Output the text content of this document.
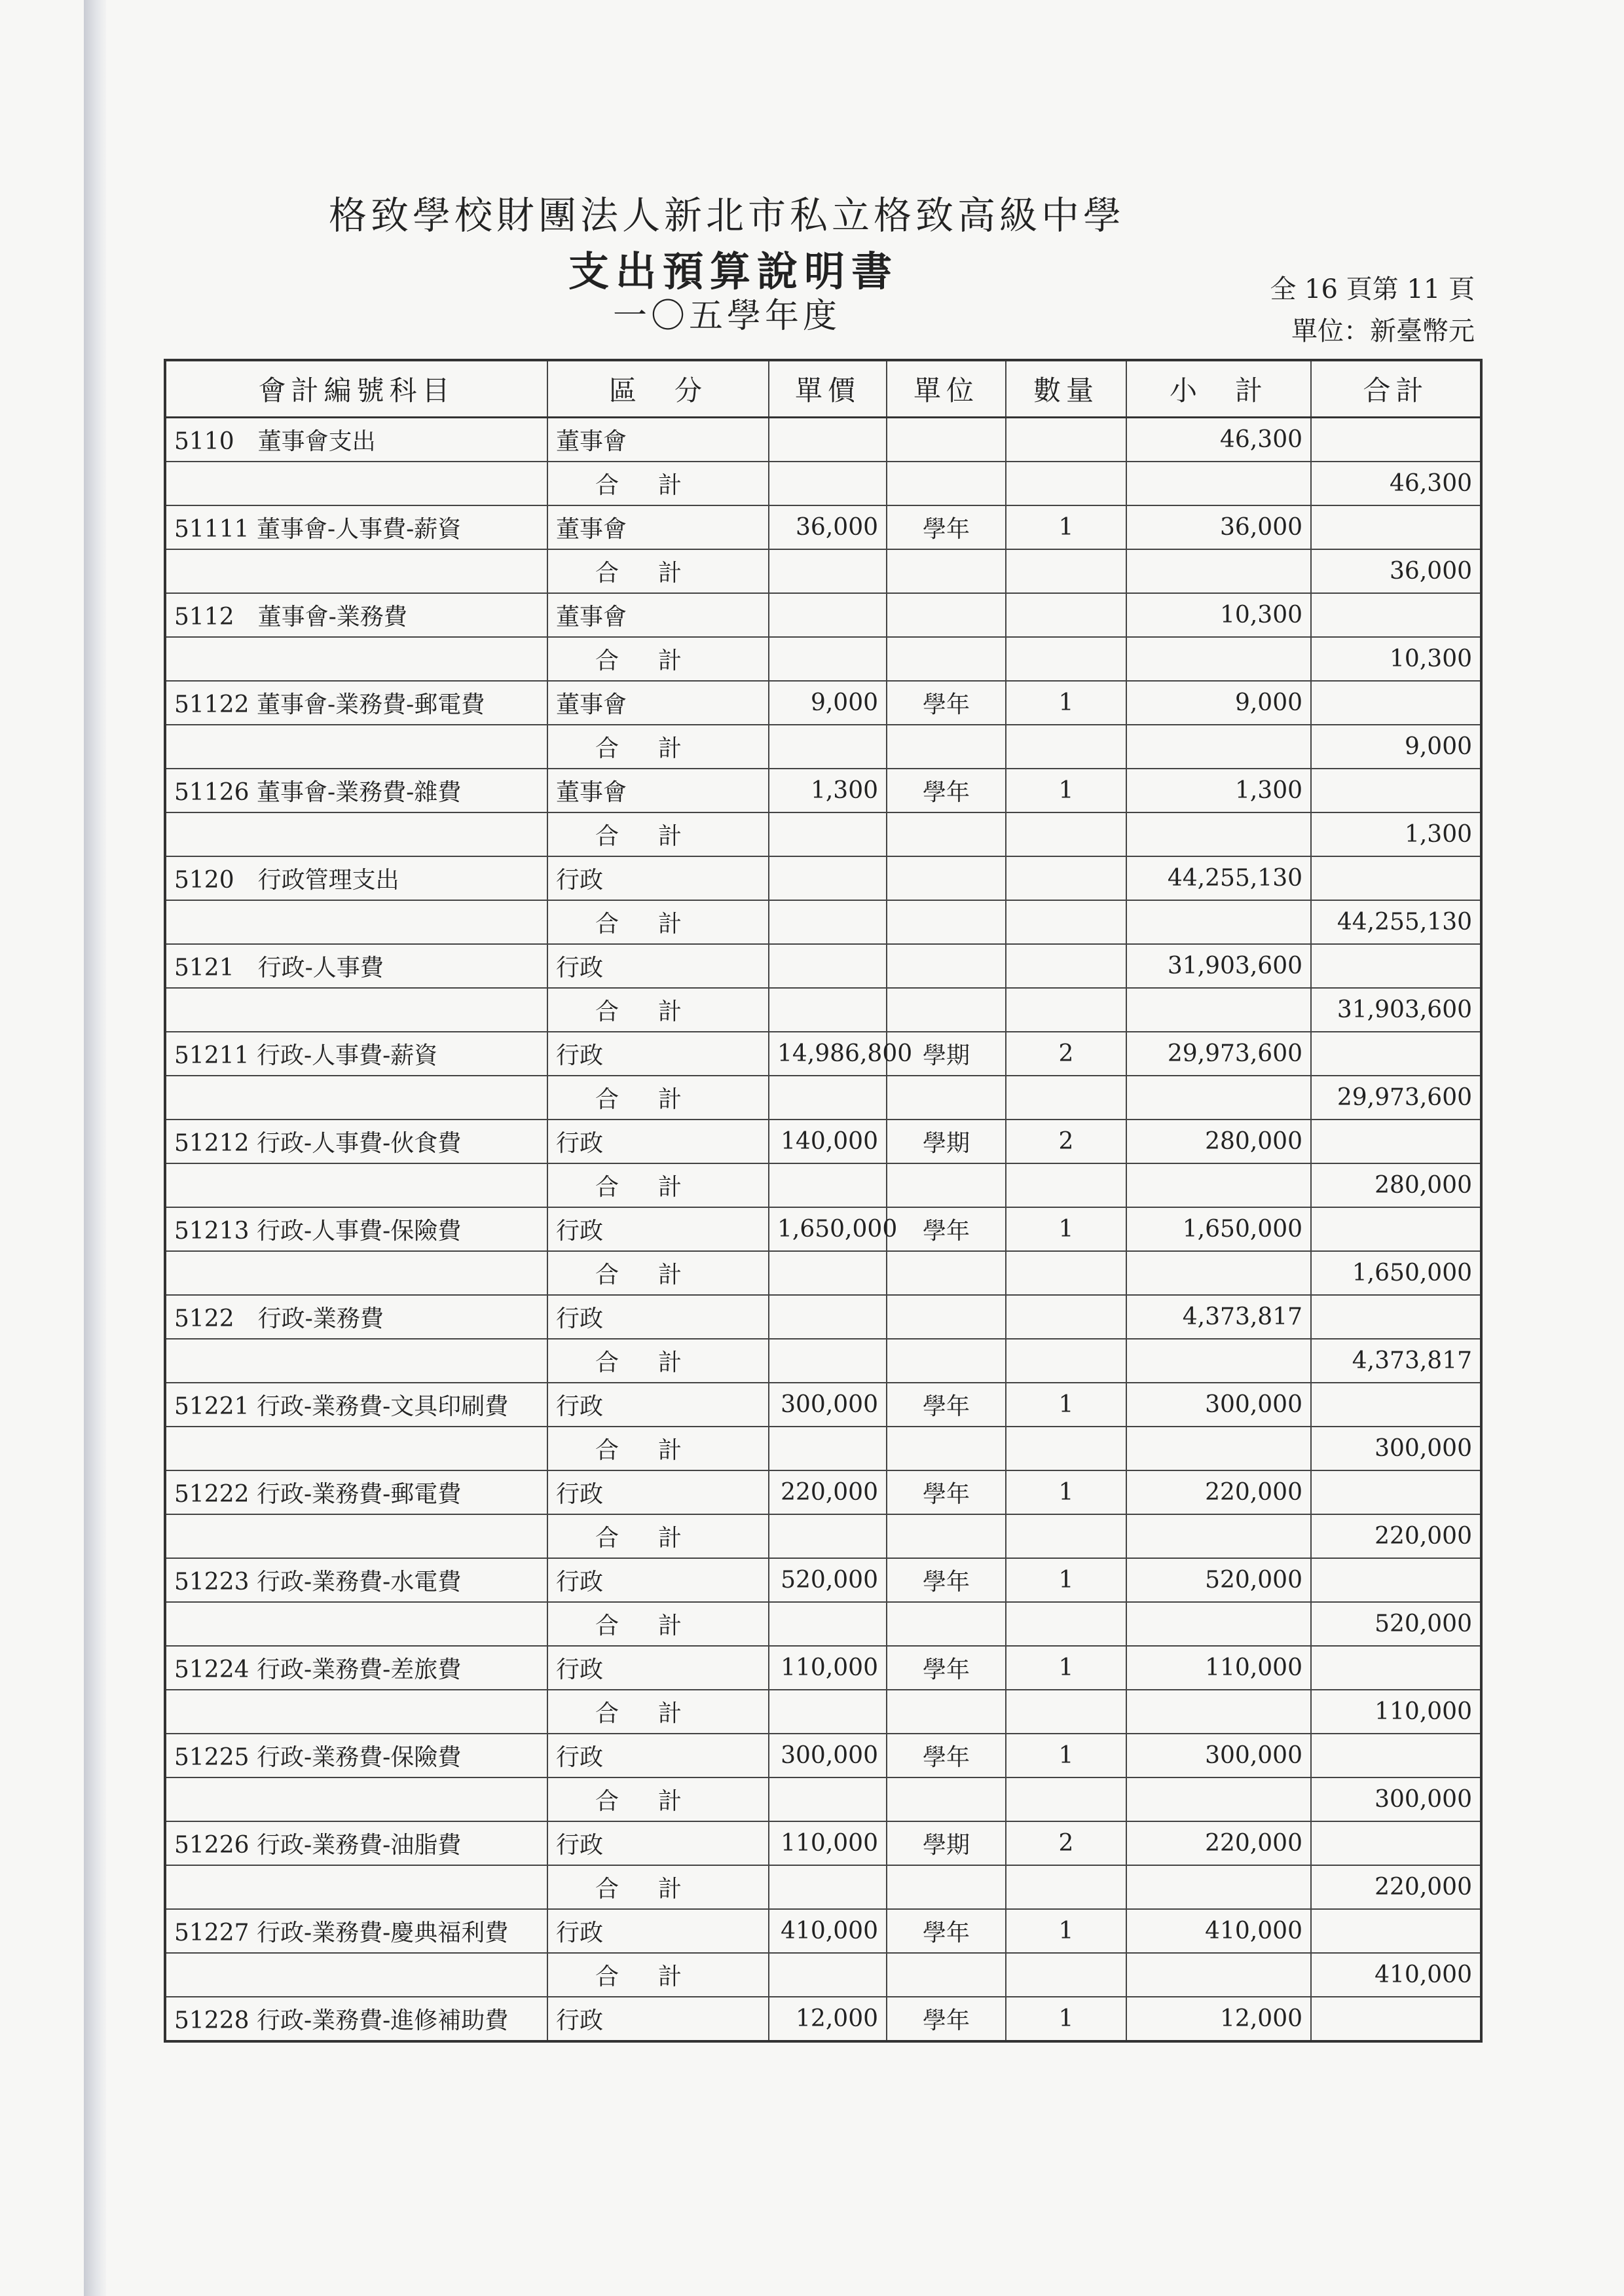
格致學校財團法人新北市私立格致高級中學
支出預算說明書
一〇五學年度
全 16 頁第 11 頁
單位：新臺幣元
會計編號科目	區　分	單價	單位	數量	小　計	合計
5110　董事會支出	董事會				46,300	
	合計					46,300
51111 董事會-人事費-薪資	董事會	36,000	學年	1	36,000	
	合計					36,000
5112　董事會-業務費	董事會				10,300	
	合計					10,300
51122 董事會-業務費-郵電費	董事會	9,000	學年	1	9,000	
	合計					9,000
51126 董事會-業務費-雜費	董事會	1,300	學年	1	1,300	
	合計					1,300
5120　行政管理支出	行政				44,255,130	
	合計					44,255,130
5121　行政-人事費	行政				31,903,600	
	合計					31,903,600
51211 行政-人事費-薪資	行政	14,986,800	學期	2	29,973,600	
	合計					29,973,600
51212 行政-人事費-伙食費	行政	140,000	學期	2	280,000	
	合計					280,000
51213 行政-人事費-保險費	行政	1,650,000	學年	1	1,650,000	
	合計					1,650,000
5122　行政-業務費	行政				4,373,817	
	合計					4,373,817
51221 行政-業務費-文具印刷費	行政	300,000	學年	1	300,000	
	合計					300,000
51222 行政-業務費-郵電費	行政	220,000	學年	1	220,000	
	合計					220,000
51223 行政-業務費-水電費	行政	520,000	學年	1	520,000	
	合計					520,000
51224 行政-業務費-差旅費	行政	110,000	學年	1	110,000	
	合計					110,000
51225 行政-業務費-保險費	行政	300,000	學年	1	300,000	
	合計					300,000
51226 行政-業務費-油脂費	行政	110,000	學期	2	220,000	
	合計					220,000
51227 行政-業務費-慶典福利費	行政	410,000	學年	1	410,000	
	合計					410,000
51228 行政-業務費-進修補助費	行政	12,000	學年	1	12,000	
